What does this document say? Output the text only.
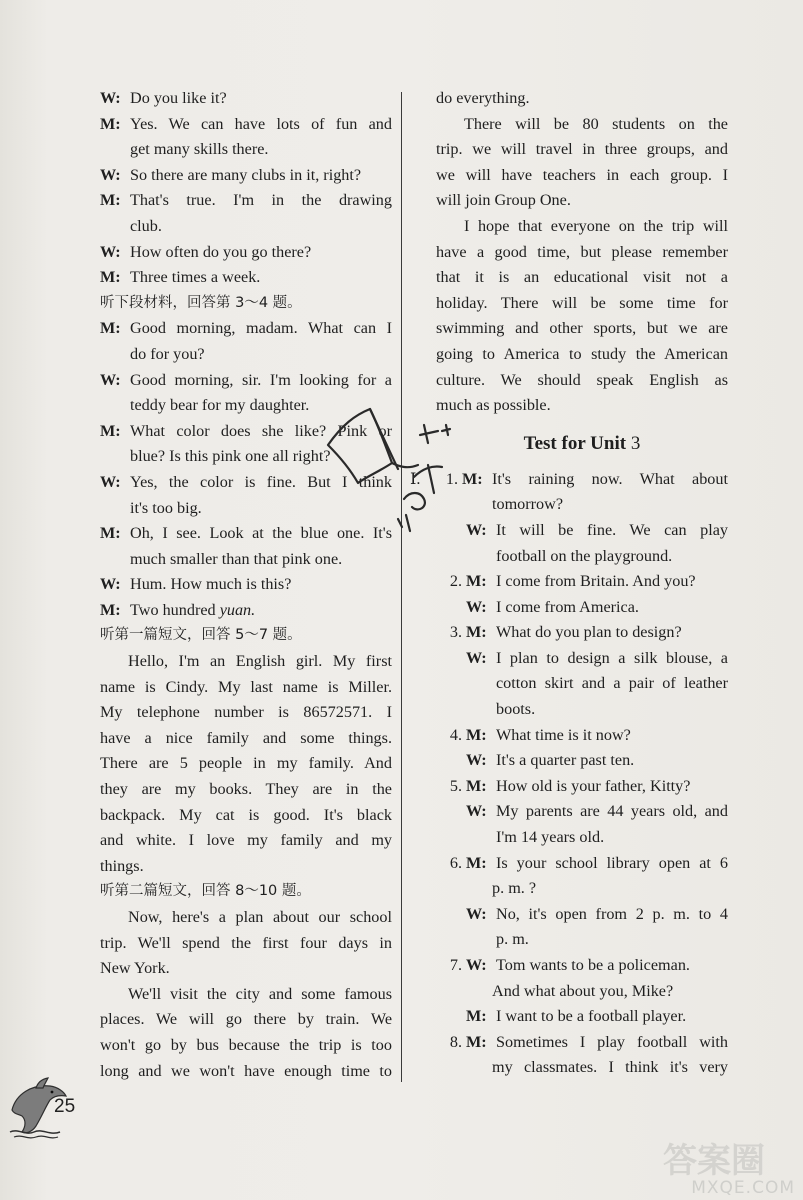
W: Do you like it?
M: Yes. We can have lots of fun and
get many skills there.
W: So there are many clubs in it, right?
M: That's true. I'm in the drawing
club.
W: How often do you go there?
M: Three times a week.
听下段材料，回答第 3～4 题。
M: Good morning, madam. What can I
do for you?
W: Good morning, sir. I'm looking for a
teddy bear for my daughter.
M: What color does she like? Pink or
blue? Is this pink one all right?
W: Yes, the color is fine. But I think
it's too big.
M: Oh, I see. Look at the blue one. It's
much smaller than that pink one.
W: Hum. How much is this?
M: Two hundred yuan.
听第一篇短文，回答 5～7 题。
Hello, I'm an English girl. My first
name is Cindy. My last name is Miller.
My telephone number is 86572571. I
have a nice family and some things.
There are 5 people in my family. And
they are my books. They are in the
backpack. My cat is good. It's black
and white. I love my family and my
things.
听第二篇短文，回答 8～10 题。
Now, here's a plan about our school
trip. We'll spend the first four days in
New York.
We'll visit the city and some famous
places. We will go there by train. We
won't go by bus because the trip is too
long and we won't have enough time to
do everything.
There will be 80 students on the
trip. we will travel in three groups, and
we will have teachers in each group. I
will join Group One.
I hope that everyone on the trip will
have a good time, but please remember
that it is an educational visit not a
holiday. There will be some time for
swimming and other sports, but we are
going to America to study the American
culture. We should speak English as
much as possible.
Test for Unit 3
Ⅰ.	1. M: It's raining now. What about
tomorrow?
W: It will be fine. We can play
football on the playground.
2. M: I come from Britain. And you?
W: I come from America.
3. M: What do you plan to design?
W: I plan to design a silk blouse, a
cotton skirt and a pair of leather
boots.
4. M: What time is it now?
W: It's a quarter past ten.
5. M: How old is your father, Kitty?
W: My parents are 44 years old, and
I'm 14 years old.
6. M: Is your school library open at 6
p. m. ?
W: No, it's open from 2 p. m. to 4
p. m.
7. W: Tom wants to be a policeman.
And what about you, Mike?
M: I want to be a football player.
8. M: Sometimes I play football with
my classmates. I think it's very
25
答案圈
MXQE.COM
